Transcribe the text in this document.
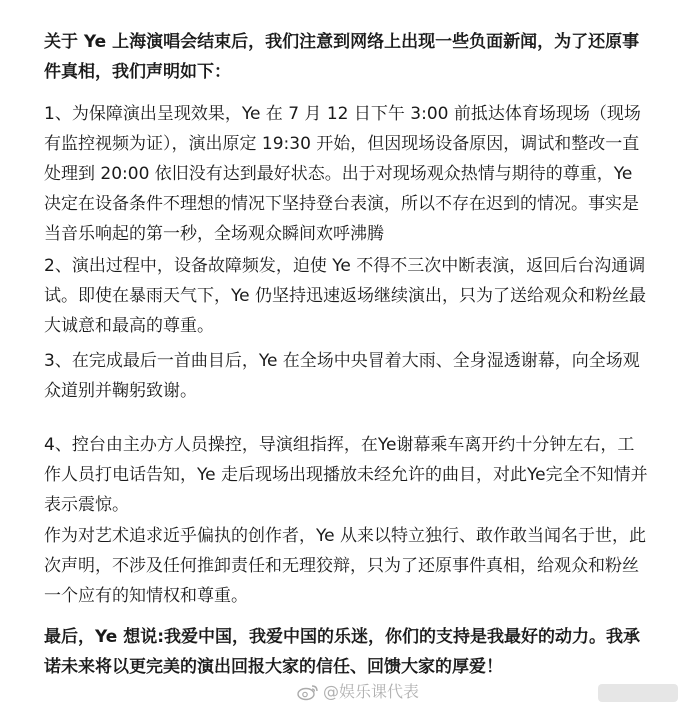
关于 Ye 上海演唱会结束后，我们注意到网络上出现一些负面新闻，为了还原事件真相，我们声明如下：

1、为保障演出呈现效果，Ye 在 7 月 12 日下午 3:00 前抵达体育场现场（现场有监控视频为证），演出原定 19:30 开始，但因现场设备原因，调试和整改一直处理到 20:00 依旧没有达到最好状态。出于对现场观众热情与期待的尊重，Ye 决定在设备条件不理想的情况下坚持登台表演，所以不存在迟到的情况。事实是当音乐响起的第一秒，全场观众瞬间欢呼沸腾

2、演出过程中，设备故障频发，迫使 Ye 不得不三次中断表演，返回后台沟通调试。即使在暴雨天气下，Ye 仍坚持迅速返场继续演出，只为了送给观众和粉丝最大诚意和最高的尊重。

3、在完成最后一首曲目后，Ye 在全场中央冒着大雨、全身湿透谢幕，向全场观众道别并鞠躬致谢。

4、控台由主办方人员操控，导演组指挥，在Ye谢幕乘车离开约十分钟左右，工作人员打电话告知，Ye 走后现场出现播放未经允许的曲目，对此Ye完全不知情并表示震惊。

作为对艺术追求近乎偏执的创作者，Ye 从来以特立独行、敢作敢当闻名于世，此次声明，不涉及任何推卸责任和无理狡辩，只为了还原事件真相，给观众和粉丝一个应有的知情权和尊重。

最后，Ye 想说:我爱中国，我爱中国的乐迷，你们的支持是我最好的动力。我承诺未来将以更完美的演出回报大家的信任、回馈大家的厚爱！

@娱乐课代表
